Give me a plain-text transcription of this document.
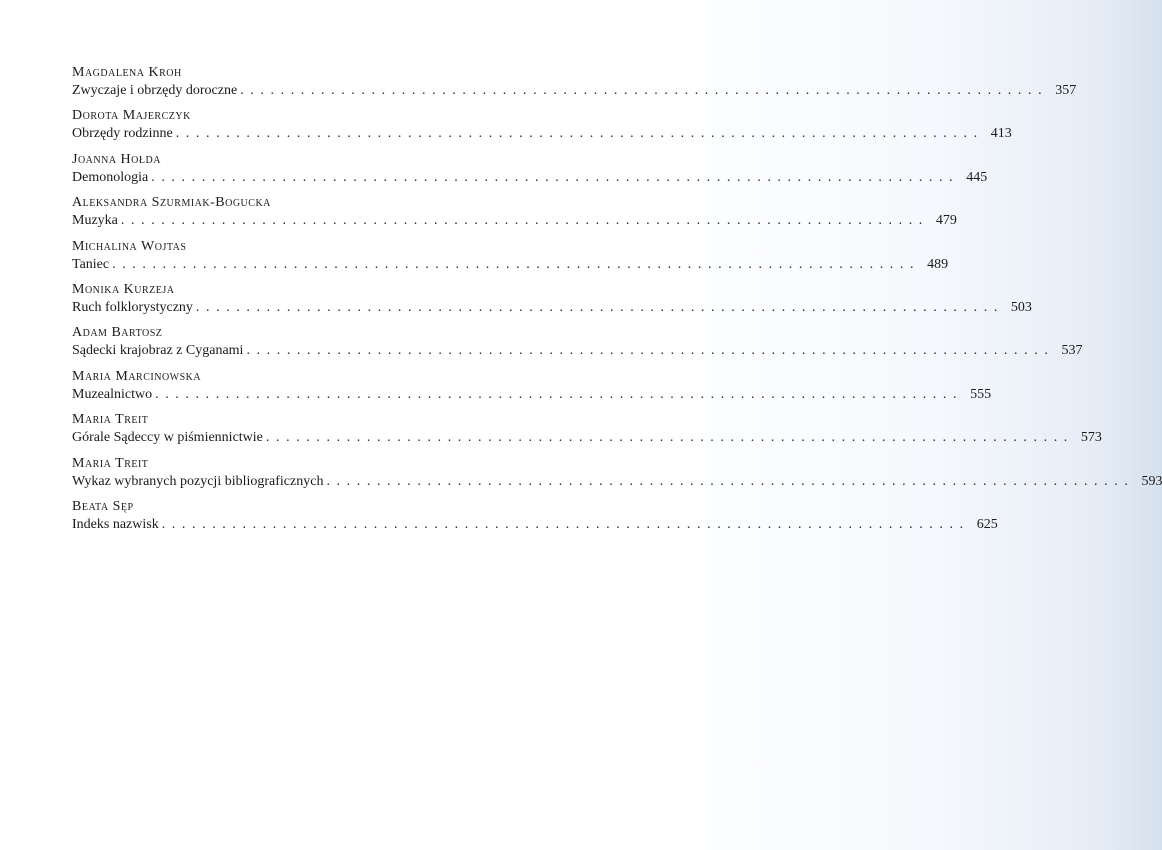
Magdalena Kroh
Zwyczaje i obrzędy doroczne ................................................................................ 357
Dorota Majerczyk
Obrzędy rodzinne ................................................................................ 413
Joanna Hołda
Demonologia ................................................................................ 445
Aleksandra Szurmiak-Bogucka
Muzyka ................................................................................ 479
Michalina Wojtas
Taniec ................................................................................ 489
Monika Kurzeja
Ruch folklorystyczny ................................................................................ 503
Adam Bartosz
Sądecki krajobraz z Cyganami ................................................................................ 537
Maria Marcinowska
Muzealnictwo ................................................................................ 555
Maria Treit
Górale Sądeccy w piśmiennictwie ................................................................................ 573
Maria Treit
Wykaz wybranych pozycji bibliograficznych ................................................................................ 593
Beata Sęp
Indeks nazwisk ................................................................................ 625
